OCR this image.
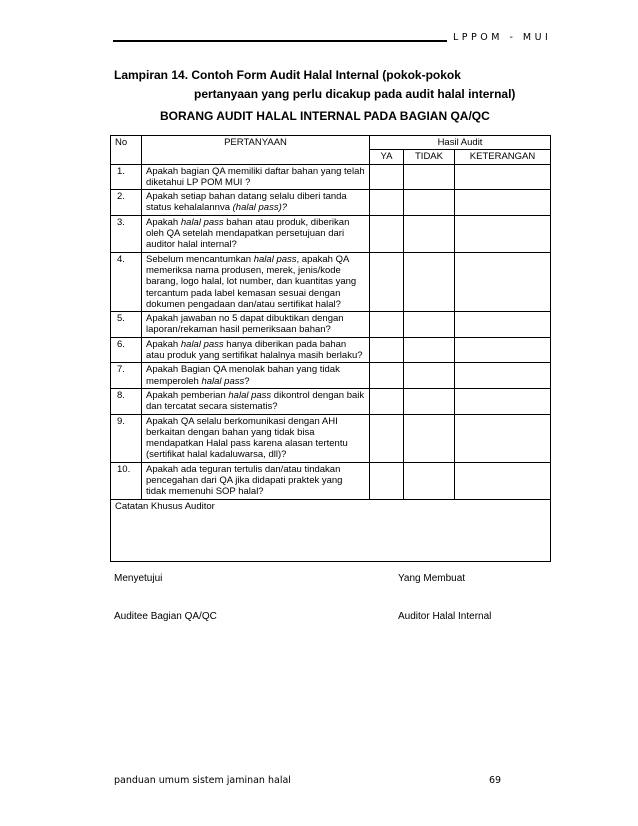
LPPOM - MUI
Lampiran 14. Contoh Form Audit Halal Internal (pokok-pokok
pertanyaan yang perlu dicakup pada audit halal internal)
BORANG AUDIT HALAL INTERNAL PADA BAGIAN QA/QC
No	PERTANYAAN	Hasil Audit		
		YA	TIDAK	KETERANGAN
1.	Apakah bagian QA memiliki daftar bahan yang telah diketahui LP POM MUI ?			
2.	Apakah setiap bahan datang selalu diberi tanda status kehalalannva (halal pass)?			
3.	Apakah halal pass bahan atau produk, diberikan oleh QA setelah mendapatkan persetujuan dari auditor halal internal?			
4.	Sebelum mencantumkan halal pass, apakah QA memeriksa nama produsen, merek, jenis/kode barang, logo halal, lot number, dan kuantitas yang tercantum pada label kemasan sesuai dengan dokumen pengadaan dan/atau sertifikat halal?			
5.	Apakah jawaban no 5 dapat dibuktikan dengan laporan/rekaman hasil pemeriksaan bahan?			
6.	Apakah halal pass hanya diberikan pada bahan atau produk yang sertifikat halalnya masih berlaku?			
7.	Apakah Bagian QA menolak bahan yang tidak memperoleh halal pass?			
8.	Apakah pemberian halal pass dikontrol dengan baik dan tercatat secara sistematis?			
9.	Apakah QA selalu berkomunikasi dengan AHI berkaitan dengan bahan yang tidak bisa mendapatkan Halal pass karena alasan tertentu (sertifikat halal kadaluwarsa, dll)?			
10.	Apakah ada teguran tertulis dan/atau tindakan pencegahan dari QA jika didapati praktek yang tidak memenuhi SOP halal?			
Catatan Khusus Auditor				
Menyetujui	Yang Membuat
Auditee Bagian QA/QC	Auditor Halal Internal
panduan umum sistem jaminan halal	69
